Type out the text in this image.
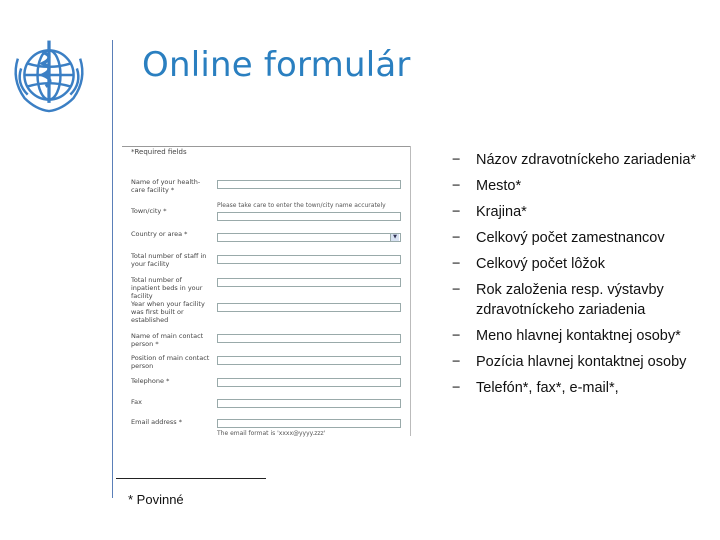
Online formulár
*Required fields
Name of your health-care facility *
Town/city *
Please take care to enter the town/city name accurately
Country or area *	▼
Total number of staff in your facility
Total number of inpatient beds in your facility
Year when your facility was first built or established
Name of main contact person *
Position of main contact person
Telephone *
Fax
Email address *
The email format is 'xxxx@yyyy.zzz'
−	Názov zdravotníckeho zariadenia*
−	Mesto*
−	Krajina*
−	Celkový počet zamestnancov
−	Celkový počet lôžok
−	Rok založenia resp. výstavby zdravotníckeho zariadenia
−	Meno hlavnej kontaktnej osoby*
−	Pozícia hlavnej kontaktnej osoby
−	Telefón*, fax*, e-mail*,
* Povinné
